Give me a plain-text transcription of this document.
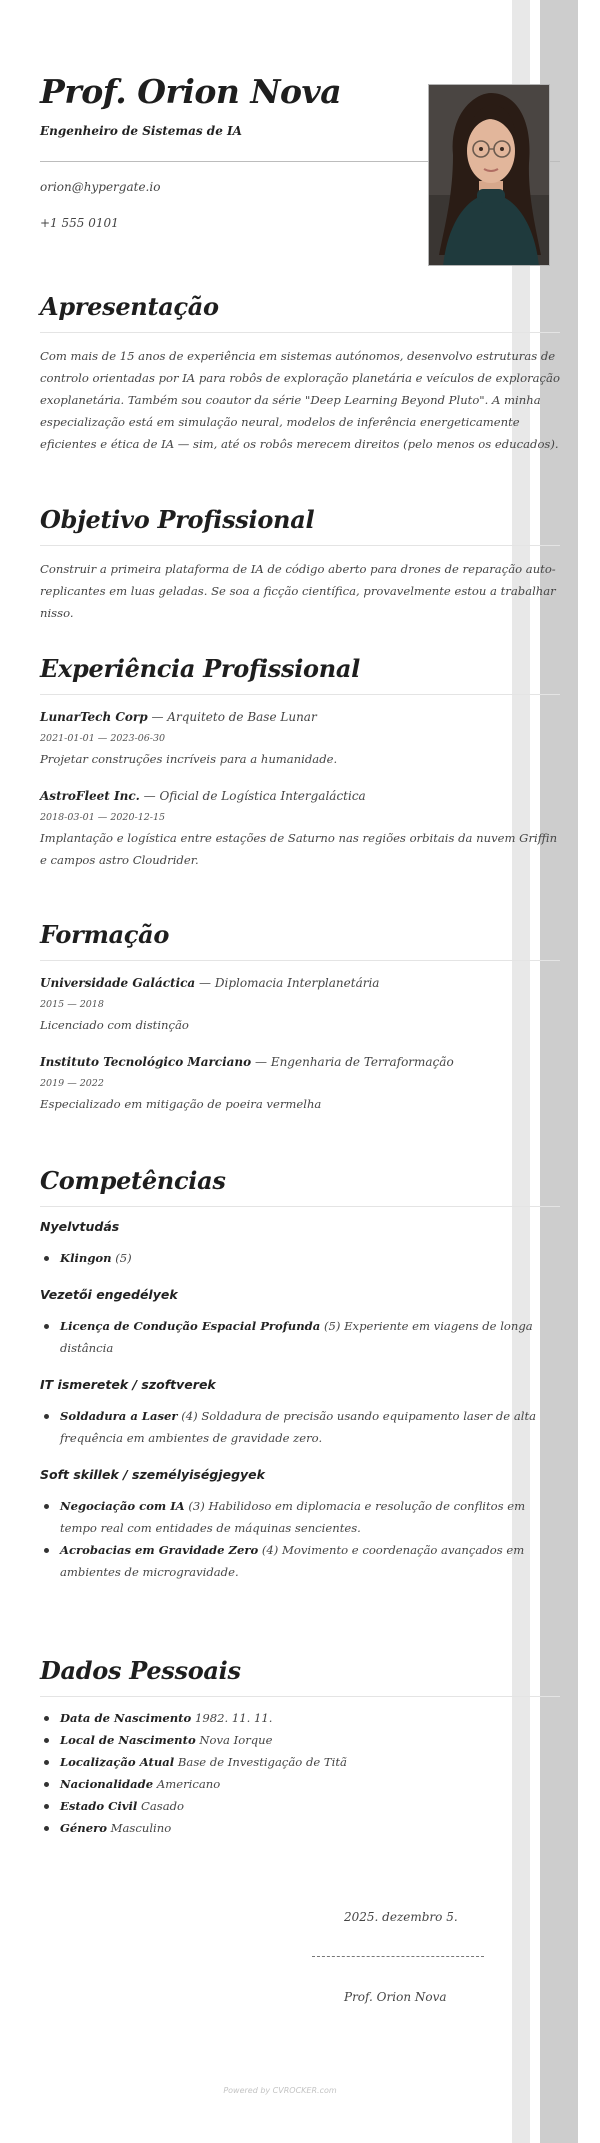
Prof. Orion Nova
Engenheiro de Sistemas de IA
orion@hypergate.io
+1 555 0101
Apresentação
Com mais de 15 anos de experiência em sistemas autónomos, desenvolvo estruturas de controlo orientadas por IA para robôs de exploração planetária e veículos de exploração exoplanetária. Também sou coautor da série "Deep Learning Beyond Pluto". A minha especialização está em simulação neural, modelos de inferência energeticamente eficientes e ética de IA — sim, até os robôs merecem direitos (pelo menos os educados).
Objetivo Profissional
Construir a primeira plataforma de IA de código aberto para drones de reparação auto-replicantes em luas geladas. Se soa a ficção científica, provavelmente estou a trabalhar nisso.
Experiência Profissional
LunarTech Corp — Arquiteto de Base Lunar
2021-01-01 — 2023-06-30
Projetar construções incríveis para a humanidade.
AstroFleet Inc. — Oficial de Logística Intergaláctica
2018-03-01 — 2020-12-15
Implantação e logística entre estações de Saturno nas regiões orbitais da nuvem Griffin e campos astro Cloudrider.
Formação
Universidade Galáctica — Diplomacia Interplanetária
2015 — 2018
Licenciado com distinção
Instituto Tecnológico Marciano — Engenharia de Terraformação
2019 — 2022
Especializado em mitigação de poeira vermelha
Competências
Nyelvtudás
Klingon (5)
Vezetői engedélyek
Licença de Condução Espacial Profunda (5) Experiente em viagens de longa distância
IT ismeretek / szoftverek
Soldadura a Laser (4) Soldadura de precisão usando equipamento laser de alta frequência em ambientes de gravidade zero.
Soft skillek / személyiségjegyek
Negociação com IA (3) Habilidoso em diplomacia e resolução de conflitos em tempo real com entidades de máquinas sencientes.
Acrobacias em Gravidade Zero (4) Movimento e coordenação avançados em ambientes de microgravidade.
Dados Pessoais
Data de Nascimento 1982. 11. 11.
Local de Nascimento Nova Iorque
Localização Atual Base de Investigação de Titã
Nacionalidade Americano
Estado Civil Casado
Género Masculino
2025. dezembro 5.
Prof. Orion Nova
Powered by CVROCKER.com
